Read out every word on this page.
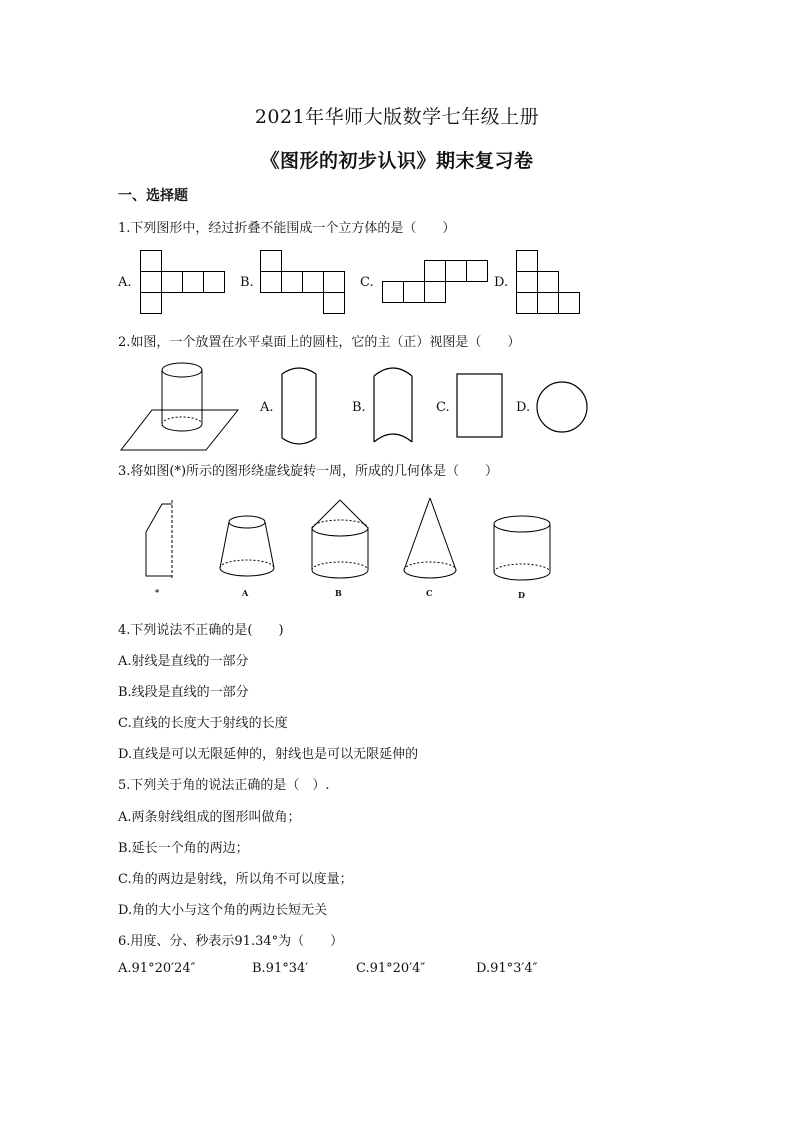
2021年华师大版数学七年级上册
《图形的初步认识》期末复习卷
一、选择题
1.下列图形中，经过折叠不能围成一个立方体的是（　　）
A.	B.	C.	D.
2.如图，一个放置在水平桌面上的圆柱，它的主（正）视图是（　　）
A.	B.	C.	D.
3.将如图(*)所示的图形绕虚线旋转一周，所成的几何体是（　　）
*	A	B	C	D
4.下列说法不正确的是(　　)
A.射线是直线的一部分
B.线段是直线的一部分
C.直线的长度大于射线的长度
D.直线是可以无限延伸的，射线也是可以无限延伸的
5.下列关于角的说法正确的是（　）.
A.两条射线组成的图形叫做角；
B.延长一个角的两边；
C.角的两边是射线，所以角不可以度量；
D.角的大小与这个角的两边长短无关
6.用度、分、秒表示91.34°为（　　）
A.91°20′24″	B.91°34′	C.91°20′4″	D.91°3′4″
